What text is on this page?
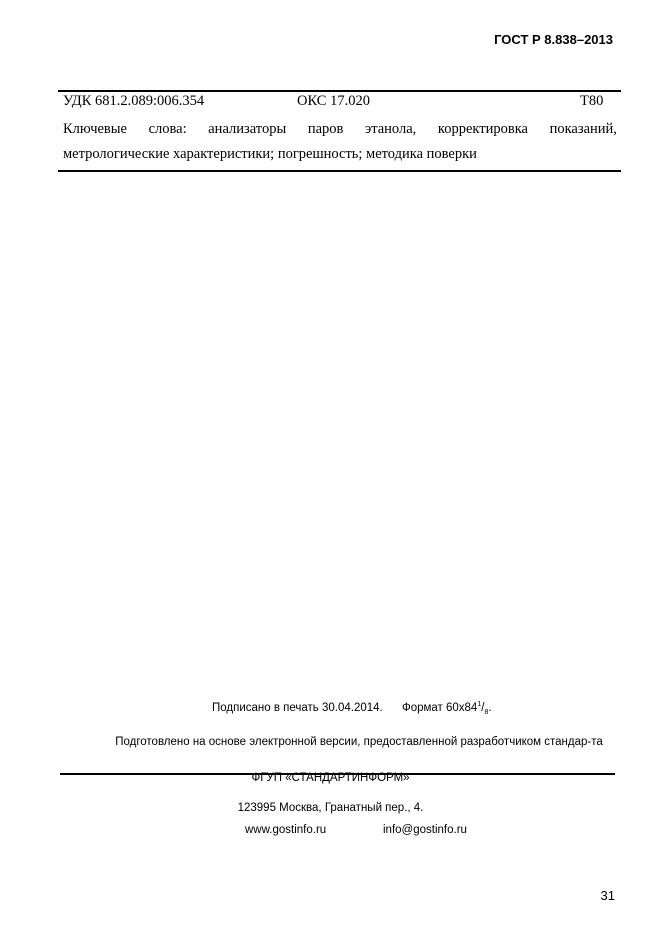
ГОСТ Р 8.838–2013
УДК 681.2.089:006.354	ОКС 17.020	Т80
Ключевые слова: анализаторы паров этанола, корректировка показаний,
метрологические характеристики; погрешность; методика поверки
Подписано в печать 30.04.2014. Формат $60х84^1/_8$.
Подготовлено на основе электронной версии, предоставленной разработчиком стандар-та
ФГУП «СТАНДАРТИНФОРМ»
123995 Москва, Гранатный пер., 4.
www.gostinfo.ru	info@gostinfo.ru
31
